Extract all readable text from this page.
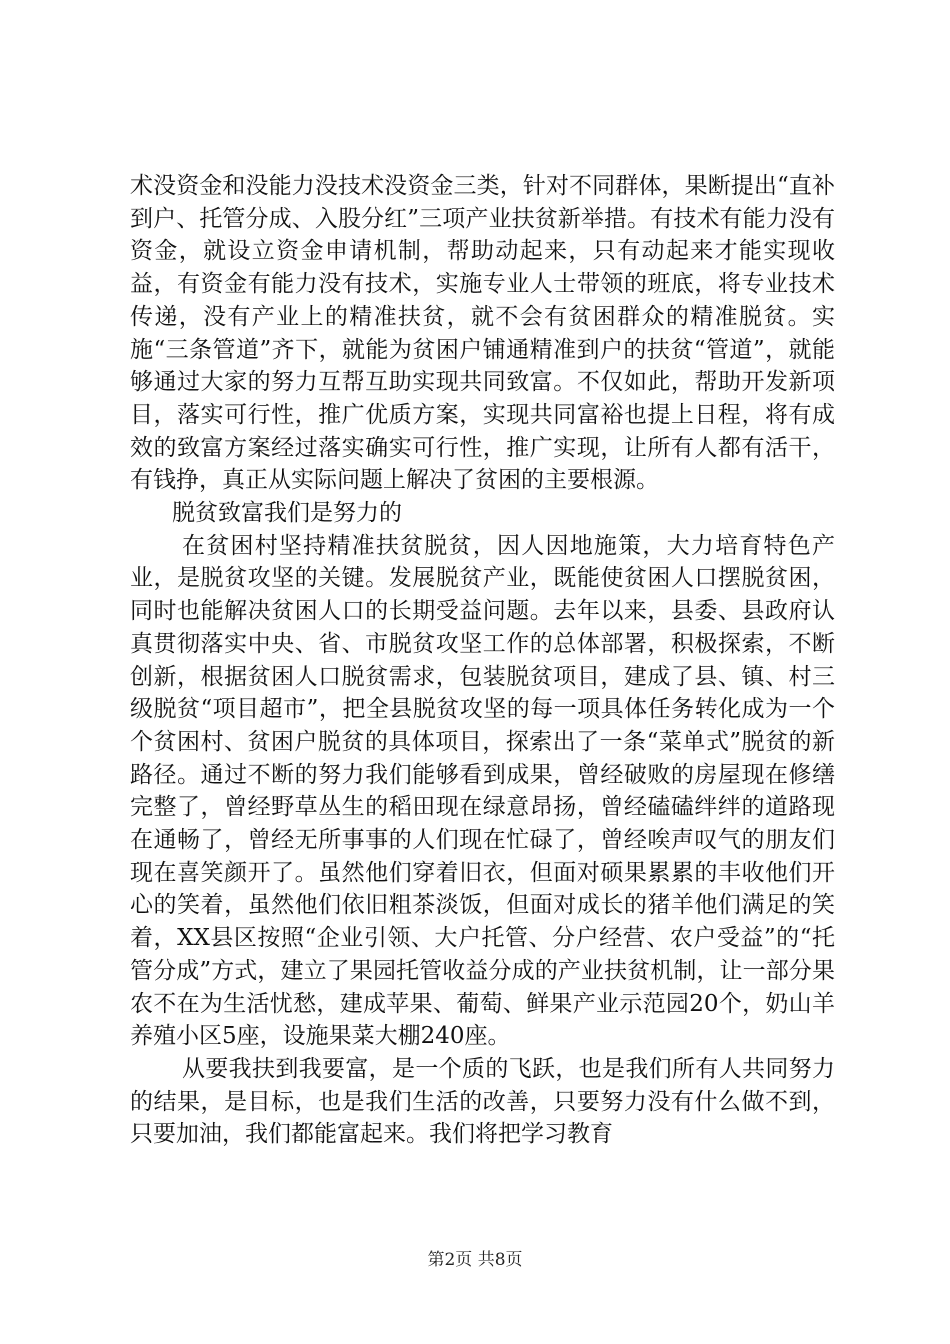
术没资金和没能力没技术没资金三类，针对不同群体，果断提出“直补到户、托管分成、入股分红”三项产业扶贫新举措。有技术有能力没有资金，就设立资金申请机制，帮助动起来，只有动起来才能实现收益，有资金有能力没有技术，实施专业人士带领的班底，将专业技术传递，没有产业上的精准扶贫，就不会有贫困群众的精准脱贫。实施“三条管道”齐下，就能为贫困户铺通精准到户的扶贫“管道”，就能够通过大家的努力互帮互助实现共同致富。不仅如此，帮助开发新项目，落实可行性，推广优质方案，实现共同富裕也提上日程，将有成效的致富方案经过落实确实可行性，推广实现，让所有人都有活干，有钱挣，真正从实际问题上解决了贫困的主要根源。

脱贫致富我们是努力的

在贫困村坚持精准扶贫脱贫，因人因地施策，大力培育特色产业，是脱贫攻坚的关键。发展脱贫产业，既能使贫困人口摆脱贫困，同时也能解决贫困人口的长期受益问题。去年以来，县委、县政府认真贯彻落实中央、省、市脱贫攻坚工作的总体部署，积极探索，不断创新，根据贫困人口脱贫需求，包装脱贫项目，建成了县、镇、村三级脱贫“项目超市”，把全县脱贫攻坚的每一项具体任务转化成为一个个贫困村、贫困户脱贫的具体项目，探索出了一条“菜单式”脱贫的新路径。通过不断的努力我们能够看到成果，曾经破败的房屋现在修缮完整了，曾经野草丛生的稻田现在绿意昂扬，曾经磕磕绊绊的道路现在通畅了，曾经无所事事的人们现在忙碌了，曾经唉声叹气的朋友们现在喜笑颜开了。虽然他们穿着旧衣，但面对硕果累累的丰收他们开心的笑着，虽然他们依旧粗茶淡饭，但面对成长的猪羊他们满足的笑着，XX县区按照“企业引领、大户托管、分户经营、农户受益”的“托管分成”方式，建立了果园托管收益分成的产业扶贫机制，让一部分果农不在为生活忧愁，建成苹果、葡萄、鲜果产业示范园20个，奶山羊养殖小区5座，设施果菜大棚240座。

从要我扶到我要富，是一个质的飞跃，也是我们所有人共同努力的结果，是目标，也是我们生活的改善，只要努力没有什么做不到，只要加油，我们都能富起来。我们将把学习教育

第2页 共8页
